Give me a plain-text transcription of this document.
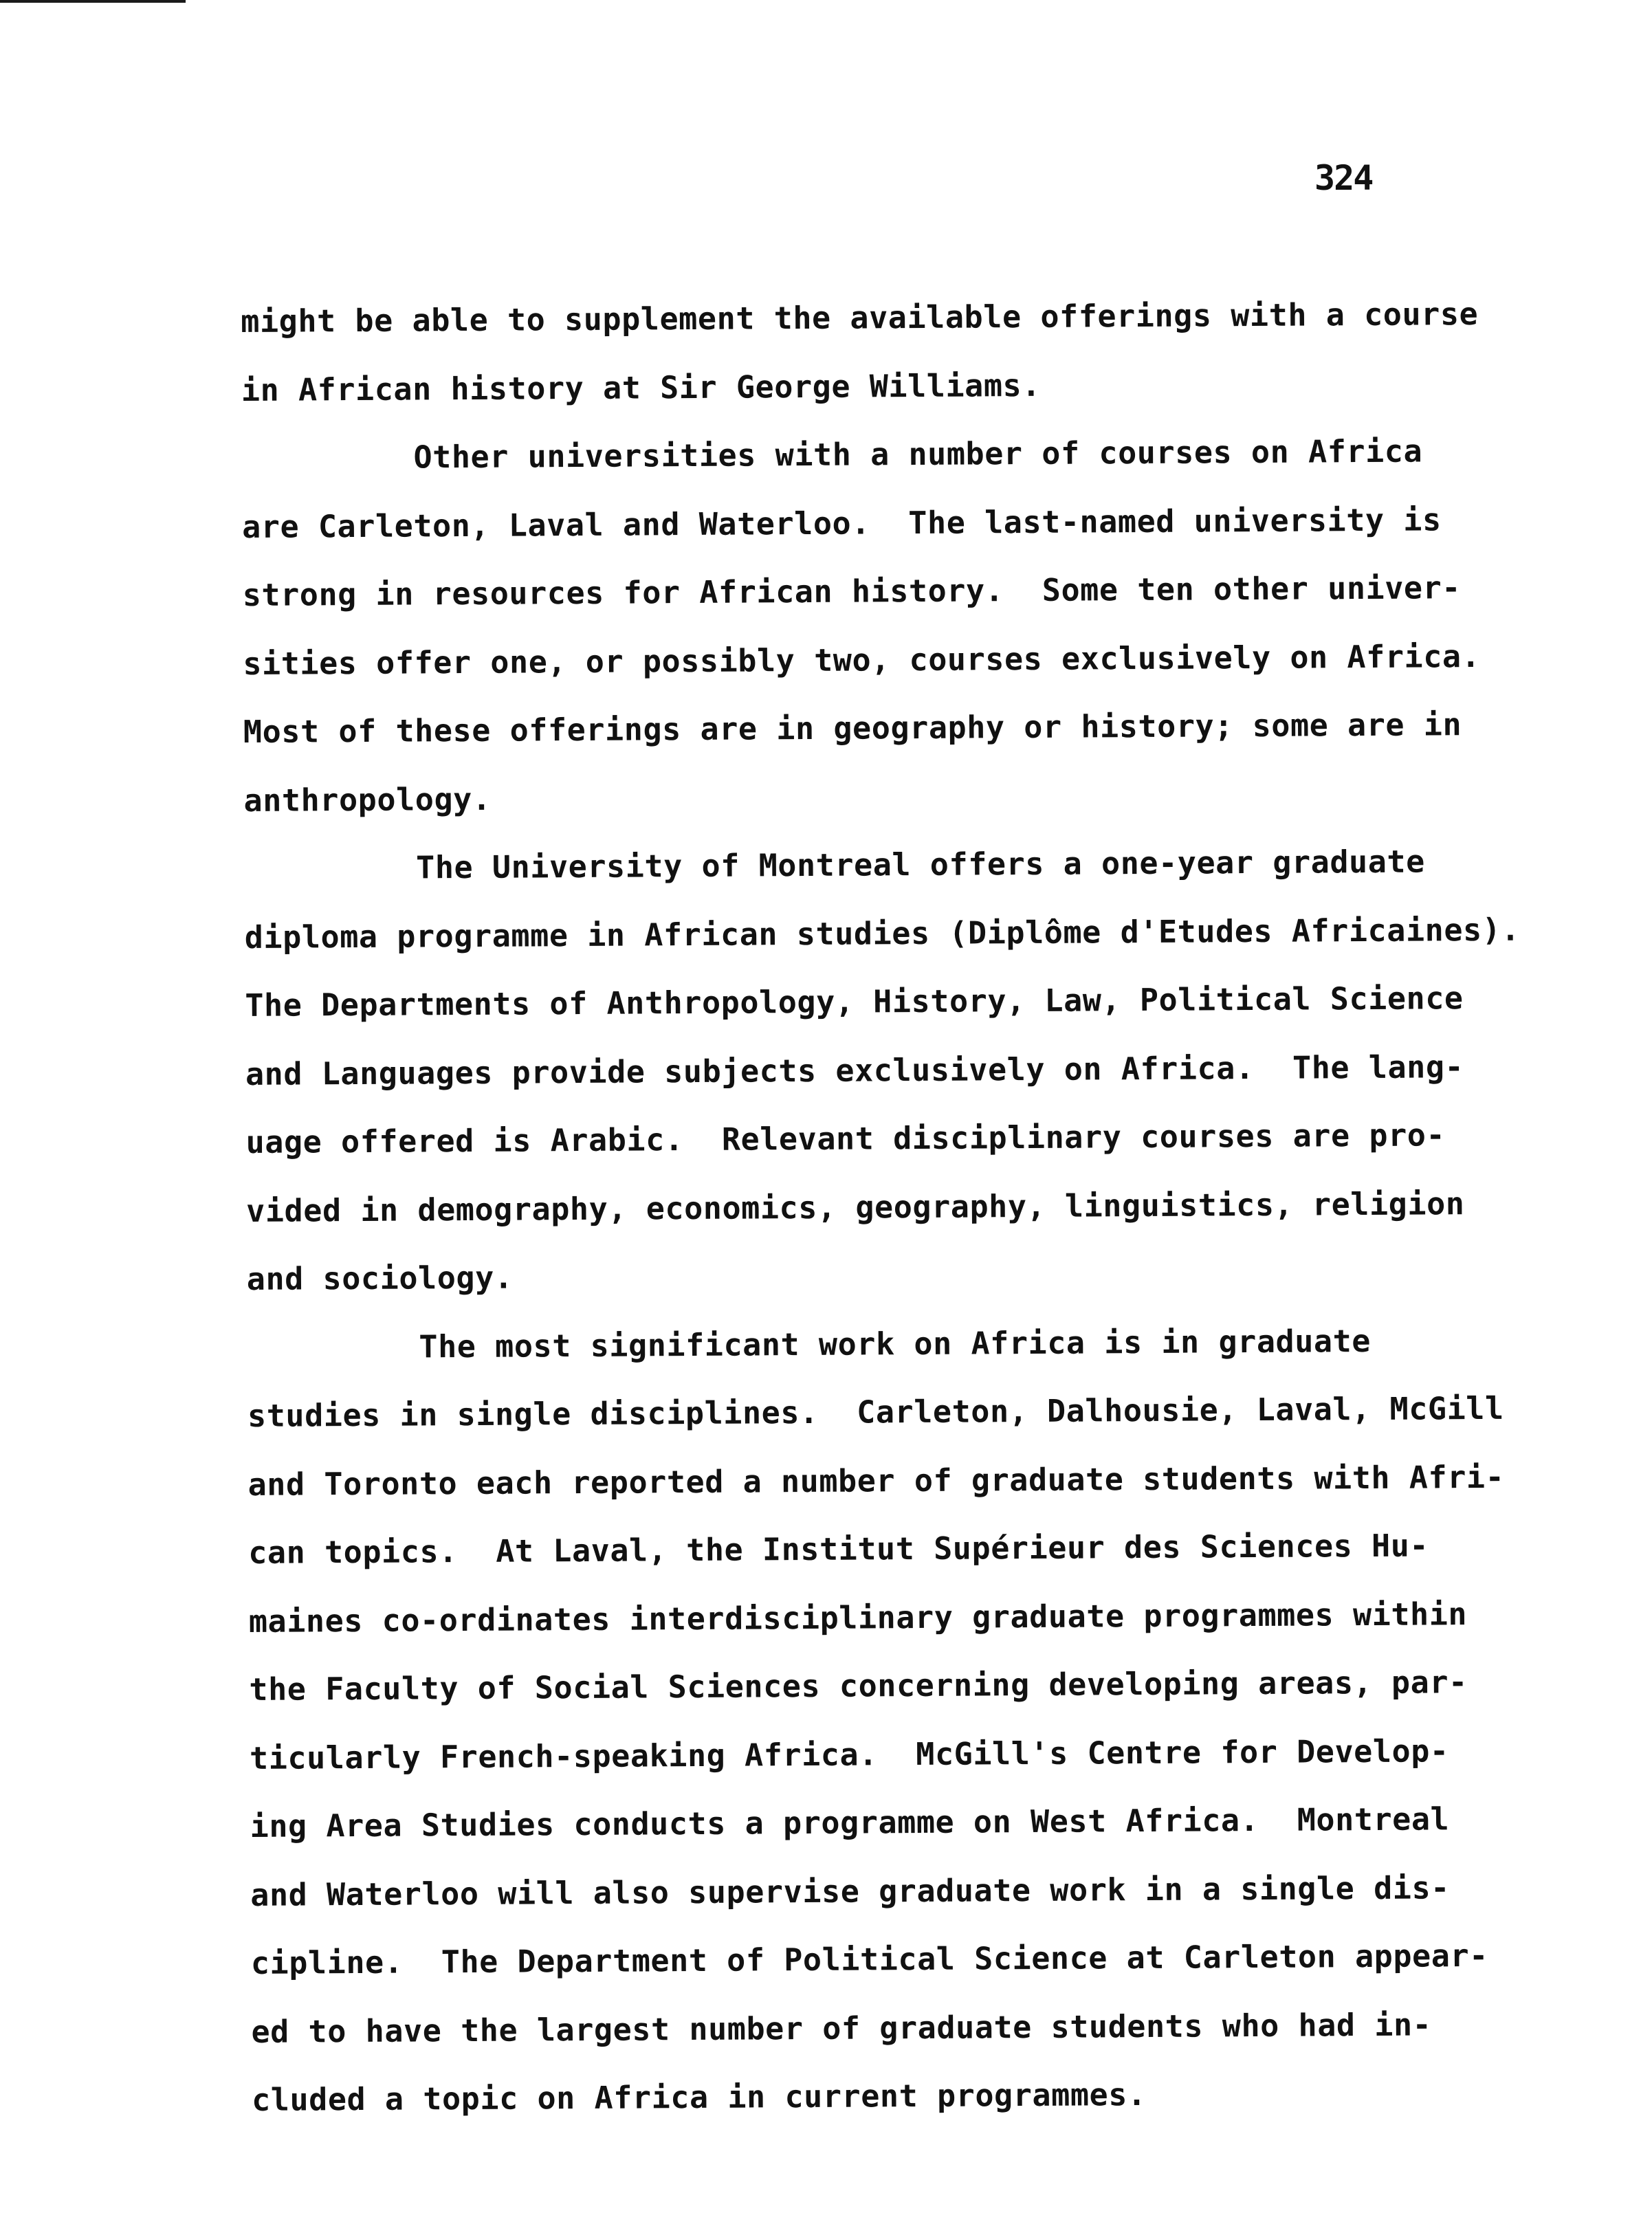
324
might be able to supplement the available offerings with a course
in African history at Sir George Williams.
Other universities with a number of courses on Africa
are Carleton, Laval and Waterloo.  The last-named university is
strong in resources for African history.  Some ten other univer-
sities offer one, or possibly two, courses exclusively on Africa.
Most of these offerings are in geography or history; some are in
anthropology.
The University of Montreal offers a one-year graduate
diploma programme in African studies (Diplôme d'Etudes Africaines).
The Departments of Anthropology, History, Law, Political Science
and Languages provide subjects exclusively on Africa.  The lang-
uage offered is Arabic.  Relevant disciplinary courses are pro-
vided in demography, economics, geography, linguistics, religion
and sociology.
The most significant work on Africa is in graduate
studies in single disciplines.  Carleton, Dalhousie, Laval, McGill
and Toronto each reported a number of graduate students with Afri-
can topics.  At Laval, the Institut Supérieur des Sciences Hu-
maines co-ordinates interdisciplinary graduate programmes within
the Faculty of Social Sciences concerning developing areas, par-
ticularly French-speaking Africa.  McGill's Centre for Develop-
ing Area Studies conducts a programme on West Africa.  Montreal
and Waterloo will also supervise graduate work in a single dis-
cipline.  The Department of Political Science at Carleton appear-
ed to have the largest number of graduate students who had in-
cluded a topic on Africa in current programmes.
